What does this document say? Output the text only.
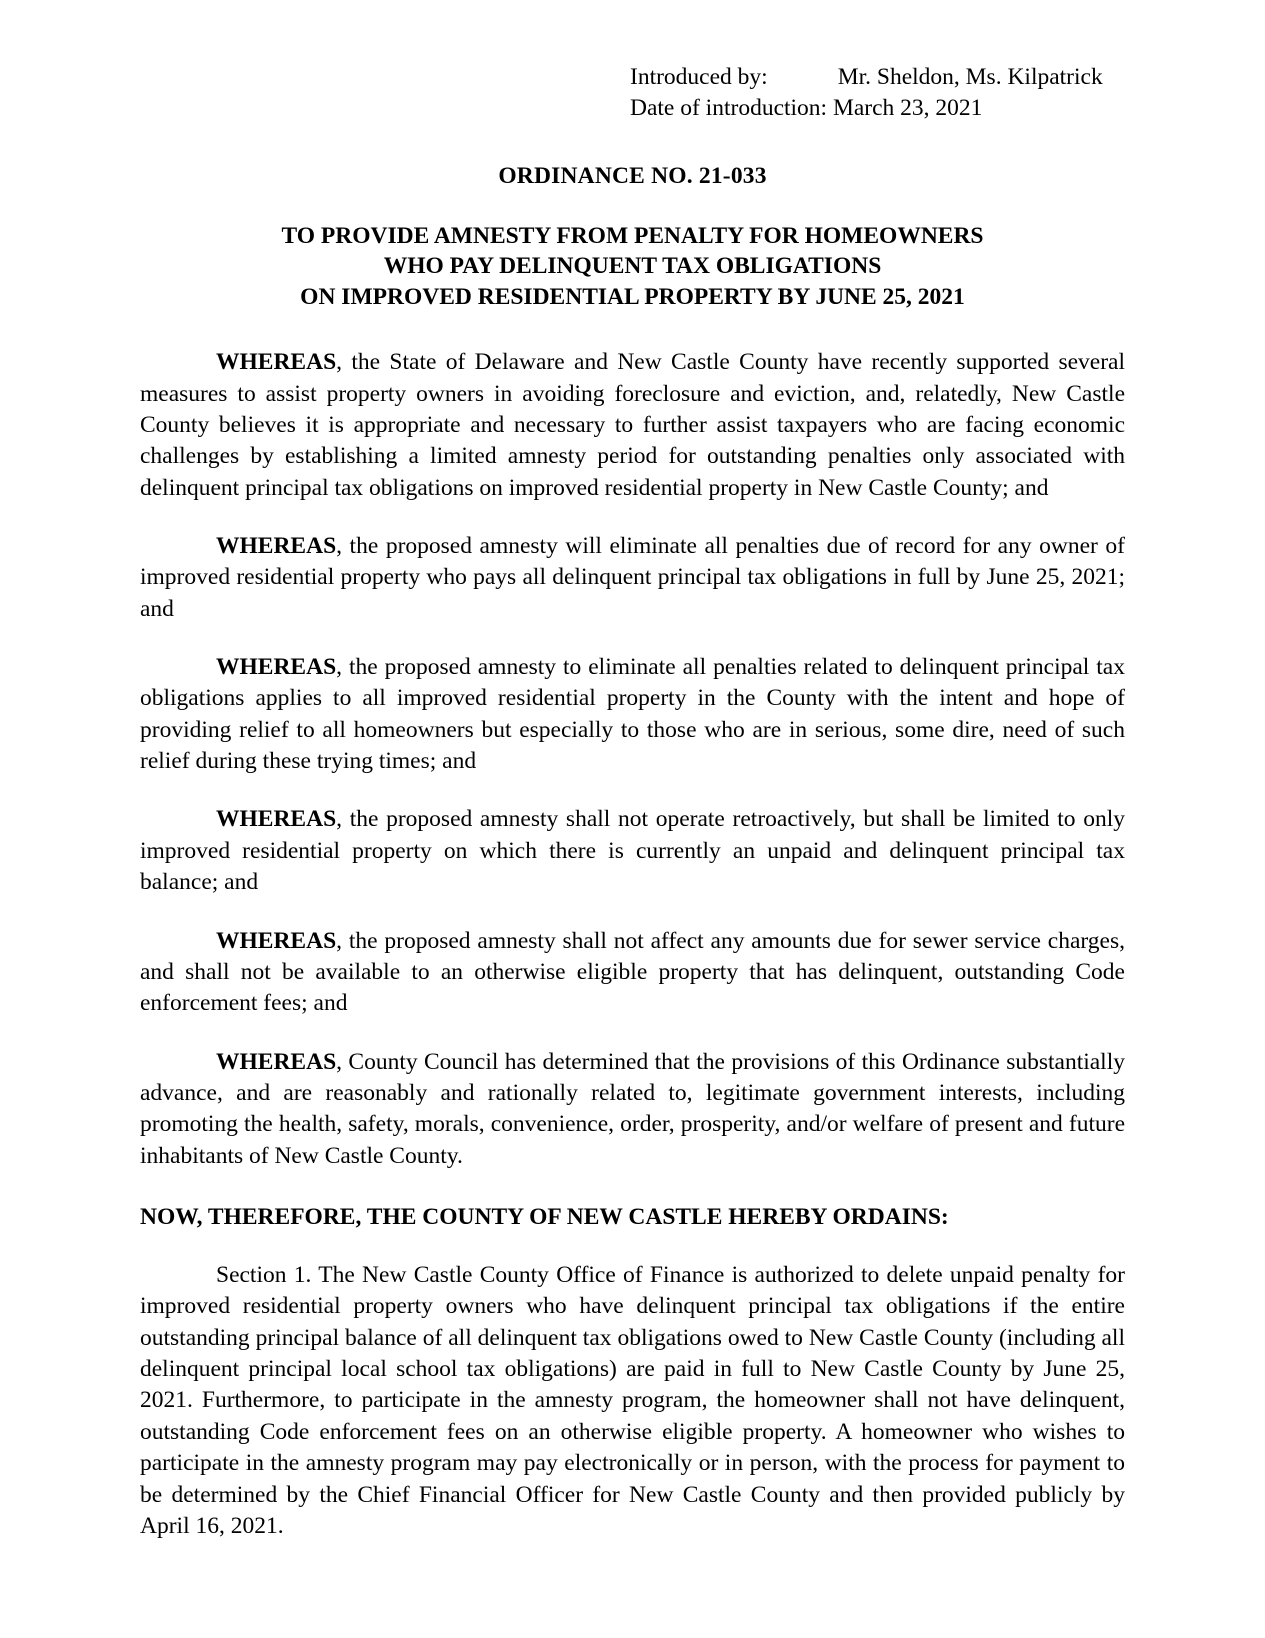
Introduced by:	Mr. Sheldon, Ms. Kilpatrick
Date of introduction: March 23, 2021
ORDINANCE NO. 21-033
TO PROVIDE AMNESTY FROM PENALTY FOR HOMEOWNERS
WHO PAY DELINQUENT TAX OBLIGATIONS
ON IMPROVED RESIDENTIAL PROPERTY BY JUNE 25, 2021

WHEREAS, the State of Delaware and New Castle County have recently supported several measures to assist property owners in avoiding foreclosure and eviction, and, relatedly, New Castle County believes it is appropriate and necessary to further assist taxpayers who are facing economic challenges by establishing a limited amnesty period for outstanding penalties only associated with delinquent principal tax obligations on improved residential property in New Castle County; and

WHEREAS, the proposed amnesty will eliminate all penalties due of record for any owner of improved residential property who pays all delinquent principal tax obligations in full by June 25, 2021; and

WHEREAS, the proposed amnesty to eliminate all penalties related to delinquent principal tax obligations applies to all improved residential property in the County with the intent and hope of providing relief to all homeowners but especially to those who are in serious, some dire, need of such relief during these trying times; and

WHEREAS, the proposed amnesty shall not operate retroactively, but shall be limited to only improved residential property on which there is currently an unpaid and delinquent principal tax balance; and

WHEREAS, the proposed amnesty shall not affect any amounts due for sewer service charges, and shall not be available to an otherwise eligible property that has delinquent, outstanding Code enforcement fees; and

WHEREAS, County Council has determined that the provisions of this Ordinance substantially advance, and are reasonably and rationally related to, legitimate government interests, including promoting the health, safety, morals, convenience, order, prosperity, and/or welfare of present and future inhabitants of New Castle County.

NOW, THEREFORE, THE COUNTY OF NEW CASTLE HEREBY ORDAINS:

Section 1. The New Castle County Office of Finance is authorized to delete unpaid penalty for improved residential property owners who have delinquent principal tax obligations if the entire outstanding principal balance of all delinquent tax obligations owed to New Castle County (including all delinquent principal local school tax obligations) are paid in full to New Castle County by June 25, 2021. Furthermore, to participate in the amnesty program, the homeowner shall not have delinquent, outstanding Code enforcement fees on an otherwise eligible property. A homeowner who wishes to participate in the amnesty program may pay electronically or in person, with the process for payment to be determined by the Chief Financial Officer for New Castle County and then provided publicly by April 16, 2021.
